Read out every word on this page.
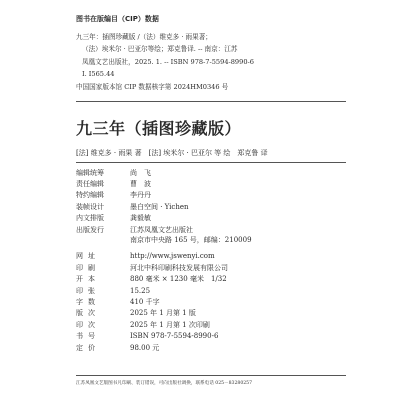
图书在版编目（CIP）数据
九三年：插图珍藏版 /（法）维克多 · 雨果著；
（法）埃米尔 · 巴亚尔等绘；郑克鲁译. -- 南京：江苏
凤凰文艺出版社，2025. 1. -- ISBN 978-7-5594-8990-6
Ⅰ. I565.44
中国国家版本馆 CIP 数据核字第 2024HM0346 号
九三年（插图珍藏版）
[法] 维克多 · 雨果 著　[法] 埃米尔 · 巴亚尔 等 绘　郑克鲁 译
编辑统筹	尚　飞
责任编辑	曹　波
特约编辑	李丹丹
装帧设计	墨白空间 · Yichen
内文排版	龚毅敏
出版发行	江苏凤凰文艺出版社
南京市中央路 165 号，邮编：210009
网址	http://www.jswenyi.com
印刷	河北中科印刷科技发展有限公司
开本	880 毫米 × 1230 毫米　1/32
印张	15.25
字数	410 千字
版次	2025 年 1 月第 1 版
印次	2025 年 1 月第 1 次印刷
书号	ISBN 978-7-5594-8990-6
定价	98.00 元
江苏凤凰文艺版图书凡印刷、装订错误，可向出版社调换，联系电话 025－83280257
